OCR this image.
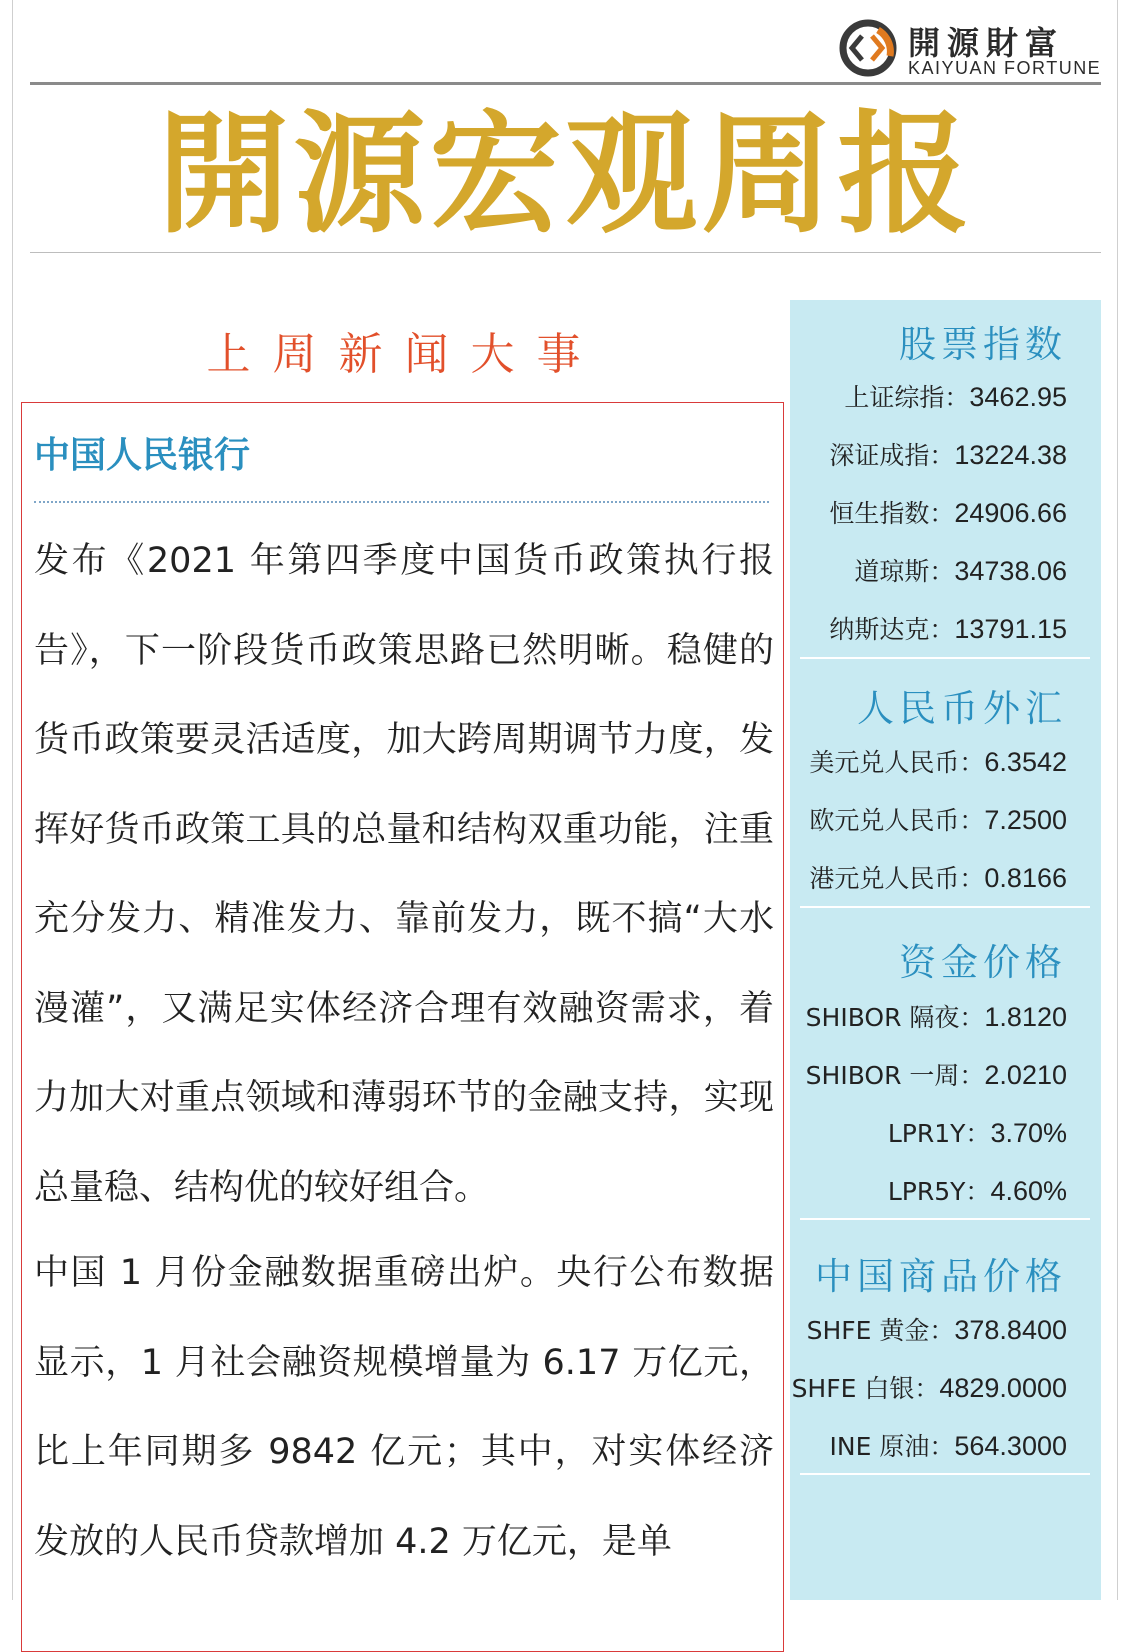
開源財富
KAIYUAN FORTUNE
開源宏观周报
上周新闻大事
中国人民银行
发布《2021 年第四季度中国货币政策执行报告》，下一阶段货币政策思路已然明晰。稳健的货币政策要灵活适度，加大跨周期调节力度，发挥好货币政策工具的总量和结构双重功能，注重充分发力、精准发力、靠前发力，既不搞“大水漫灌”，又满足实体经济合理有效融资需求，着力加大对重点领域和薄弱环节的金融支持，实现总量稳、结构优的较好组合。
中国 1 月份金融数据重磅出炉。央行公布数据显示，1 月社会融资规模增量为 6.17 万亿元，比上年同期多 9842 亿元；其中，对实体经济发放的人民币贷款增加 4.2 万亿元，是单
股票指数
上证综指：3462.95
深证成指：13224.38
恒生指数：24906.66
道琼斯：34738.06
纳斯达克：13791.15
人民币外汇
美元兑人民币：6.3542
欧元兑人民币：7.2500
港元兑人民币：0.8166
资金价格
SHIBOR 隔夜：1.8120
SHIBOR 一周：2.0210
LPR1Y：3.70%
LPR5Y：4.60%
中国商品价格
SHFE 黄金：378.8400
SHFE 白银：4829.0000
INE 原油：564.3000
